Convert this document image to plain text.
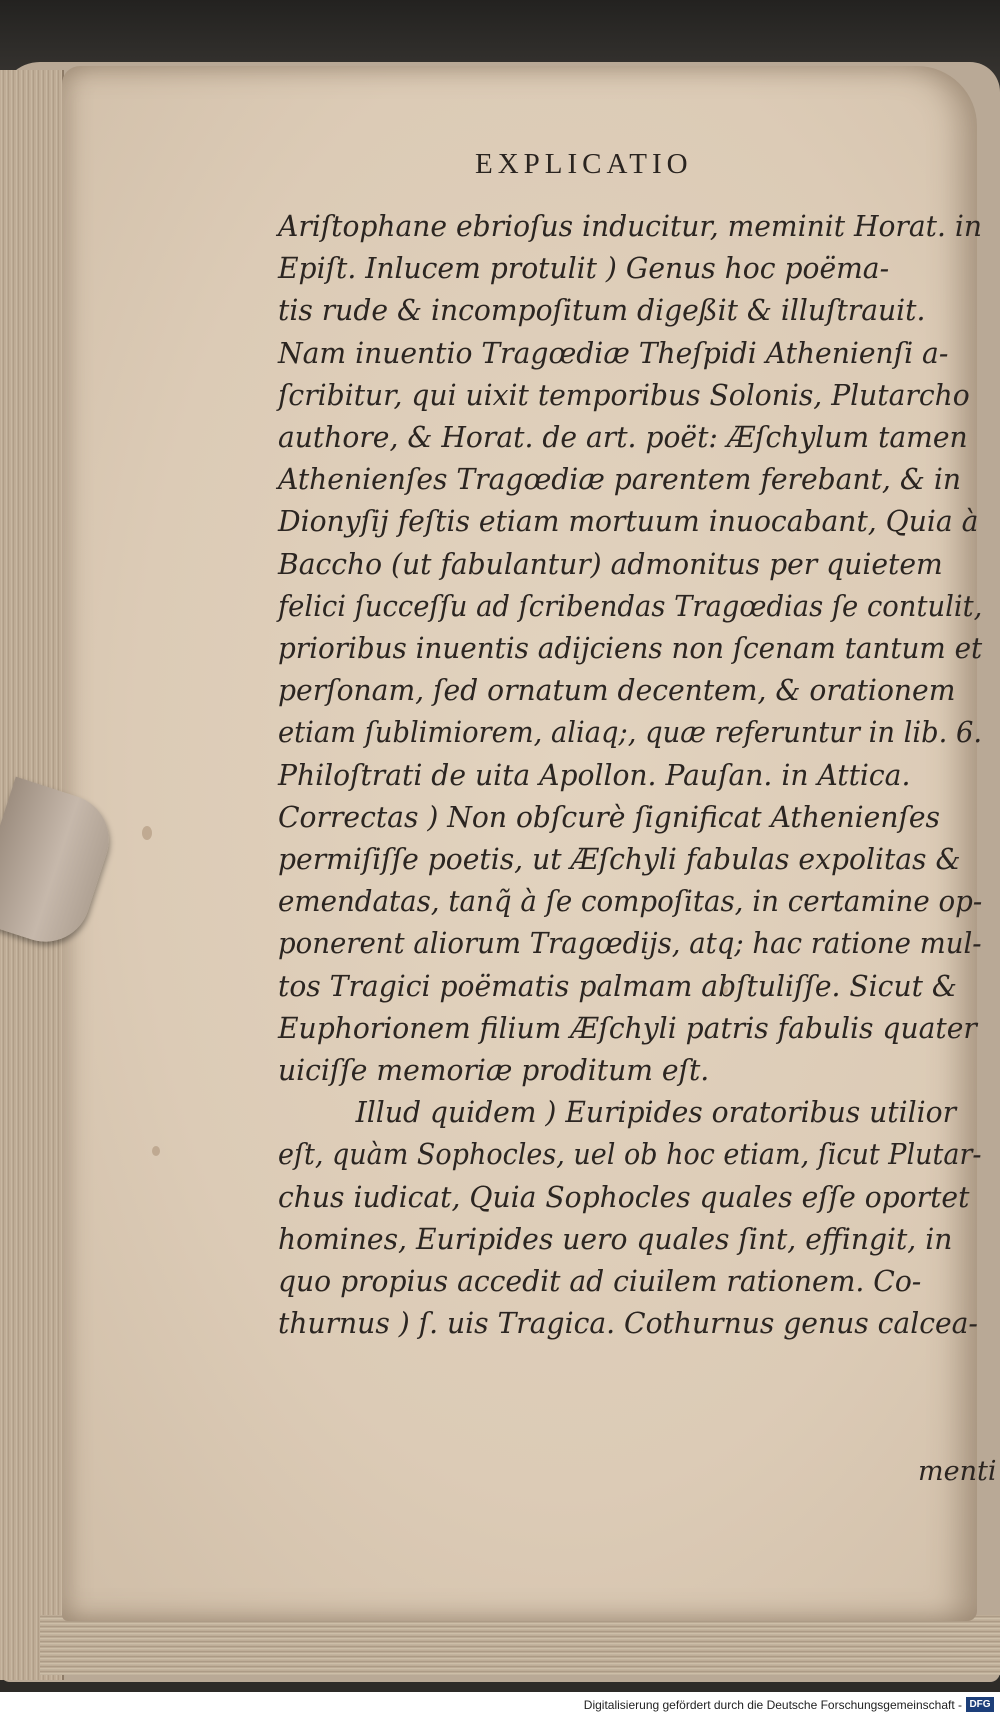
EXPLICATIO
Ariſtophane ebrioſus inducitur, meminit Horat. in
Epiſt. Inlucem protulit ) Genus hoc poëma-
tis rude & incompoſitum digeßit & illuſtrauit.
Nam inuentio Tragœdiæ Theſpidi Athenienſi a-
ſcribitur, qui uixit temporibus Solonis, Plutarcho
authore, & Horat. de art. poët: Æſchylum tamen
Athenienſes Tragœdiæ parentem ferebant, & in
Dionyſij feſtis etiam mortuum inuocabant, Quia à
Baccho (ut fabulantur) admonitus per quietem
felici ſucceſſu ad ſcribendas Tragœdias ſe contulit,
prioribus inuentis adijciens non ſcenam tantum et
perſonam, ſed ornatum decentem, & orationem
etiam ſublimiorem, aliaq;, quæ referuntur in lib. 6.
Philoſtrati de uita Apollon. Pauſan. in Attica.
Correctas ) Non obſcurè ſignificat Athenienſes
permiſiſſe poetis, ut Æſchyli fabulas expolitas &
emendatas, tanq̃ à ſe compoſitas, in certamine op-
ponerent aliorum Tragœdijs, atq; hac ratione mul-
tos Tragici poëmatis palmam abſtuliſſe. Sicut &
Euphorionem filium Æſchyli patris fabulis quater
uiciſſe memoriæ proditum eſt.
Illud quidem ) Euripides oratoribus utilior
eſt, quàm Sophocles, uel ob hoc etiam, ſicut Plutar-
chus iudicat, Quia Sophocles quales eſſe oportet
homines, Euripides uero quales ſint, effingit, in
quo propius accedit ad ciuilem rationem. Co-
thurnus ) ſ. uis Tragica. Cothurnus genus calcea-
menti
Digitalisierung gefördert durch die Deutsche Forschungsgemeinschaft - DFG
